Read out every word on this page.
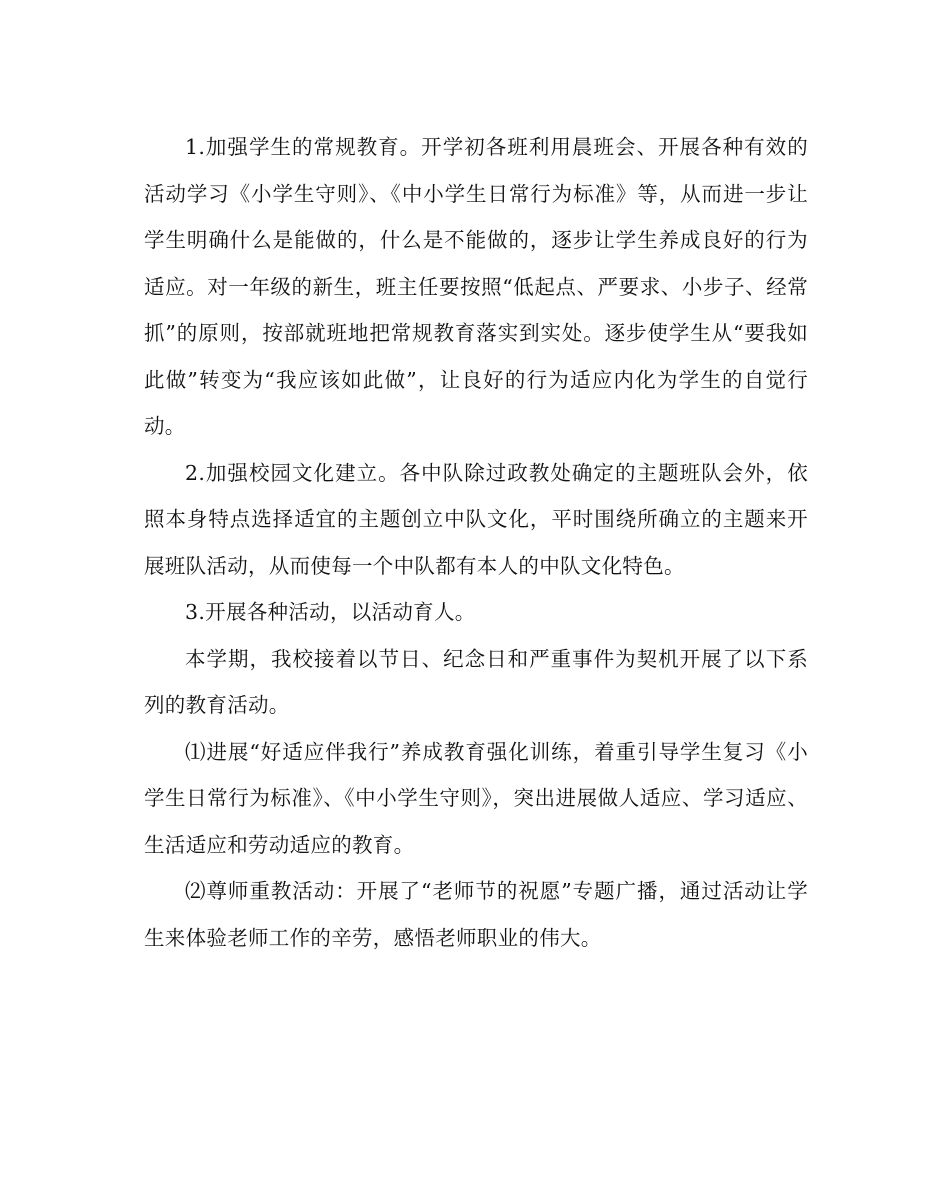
1.加强学生的常规教育。开学初各班利用晨班会、开展各种有效的活动学习《小学生守则》、《中小学生日常行为标准》等，从而进一步让学生明确什么是能做的，什么是不能做的，逐步让学生养成良好的行为适应。对一年级的新生，班主任要按照“低起点、严要求、小步子、经常抓”的原则，按部就班地把常规教育落实到实处。逐步使学生从“要我如此做”转变为“我应该如此做”，让良好的行为适应内化为学生的自觉行动。

2.加强校园文化建立。各中队除过政教处确定的主题班队会外，依照本身特点选择适宜的主题创立中队文化，平时围绕所确立的主题来开展班队活动，从而使每一个中队都有本人的中队文化特色。

3.开展各种活动，以活动育人。

本学期，我校接着以节日、纪念日和严重事件为契机开展了以下系列的教育活动。

⑴进展“好适应伴我行”养成教育强化训练，着重引导学生复习《小学生日常行为标准》、《中小学生守则》，突出进展做人适应、学习适应、生活适应和劳动适应的教育。

⑵尊师重教活动：开展了“老师节的祝愿”专题广播，通过活动让学生来体验老师工作的辛劳，感悟老师职业的伟大。
